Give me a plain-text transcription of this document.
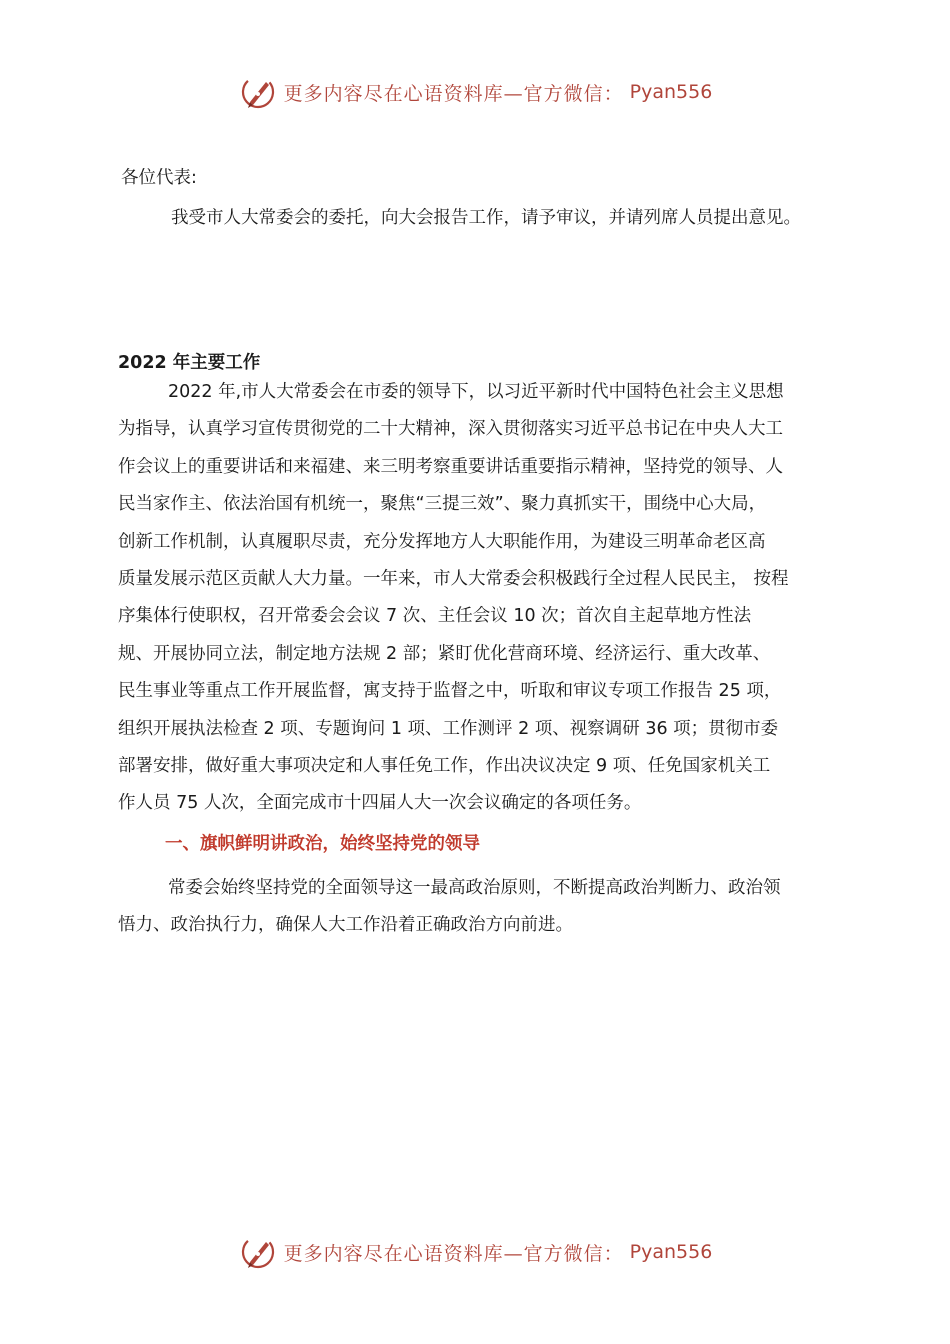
更多内容尽在心语资料库—官方微信： Pyan556
各位代表:
我受市人大常委会的委托，向大会报告工作，请予审议，并请列席人员提出意见。
2022 年主要工作
2022 年,市人大常委会在市委的领导下，以习近平新时代中国特色社会主义思想
为指导，认真学习宣传贯彻党的二十大精神，深入贯彻落实习近平总书记在中央人大工
作会议上的重要讲话和来福建、来三明考察重要讲话重要指示精神，坚持党的领导、人
民当家作主、依法治国有机统一，聚焦“三提三效”、聚力真抓实干，围绕中心大局，
创新工作机制，认真履职尽责，充分发挥地方人大职能作用，为建设三明革命老区高
质量发展示范区贡献人大力量。一年来，市人大常委会积极践行全过程人民民主， 按程
序集体行使职权，召开常委会会议 7 次、主任会议 10 次；首次自主起草地方性法
规、开展协同立法，制定地方法规 2 部；紧盯优化营商环境、经济运行、重大改革、
民生事业等重点工作开展监督，寓支持于监督之中，听取和审议专项工作报告 25 项，
组织开展执法检查 2 项、专题询问 1 项、工作测评 2 项、视察调研 36 项；贯彻市委
部署安排，做好重大事项决定和人事任免工作，作出决议决定 9 项、任免国家机关工
作人员 75 人次，全面完成市十四届人大一次会议确定的各项任务。
一、旗帜鲜明讲政治，始终坚持党的领导
常委会始终坚持党的全面领导这一最高政治原则，不断提高政治判断力、政治领
悟力、政治执行力，确保人大工作沿着正确政治方向前进。
更多内容尽在心语资料库—官方微信： Pyan556
